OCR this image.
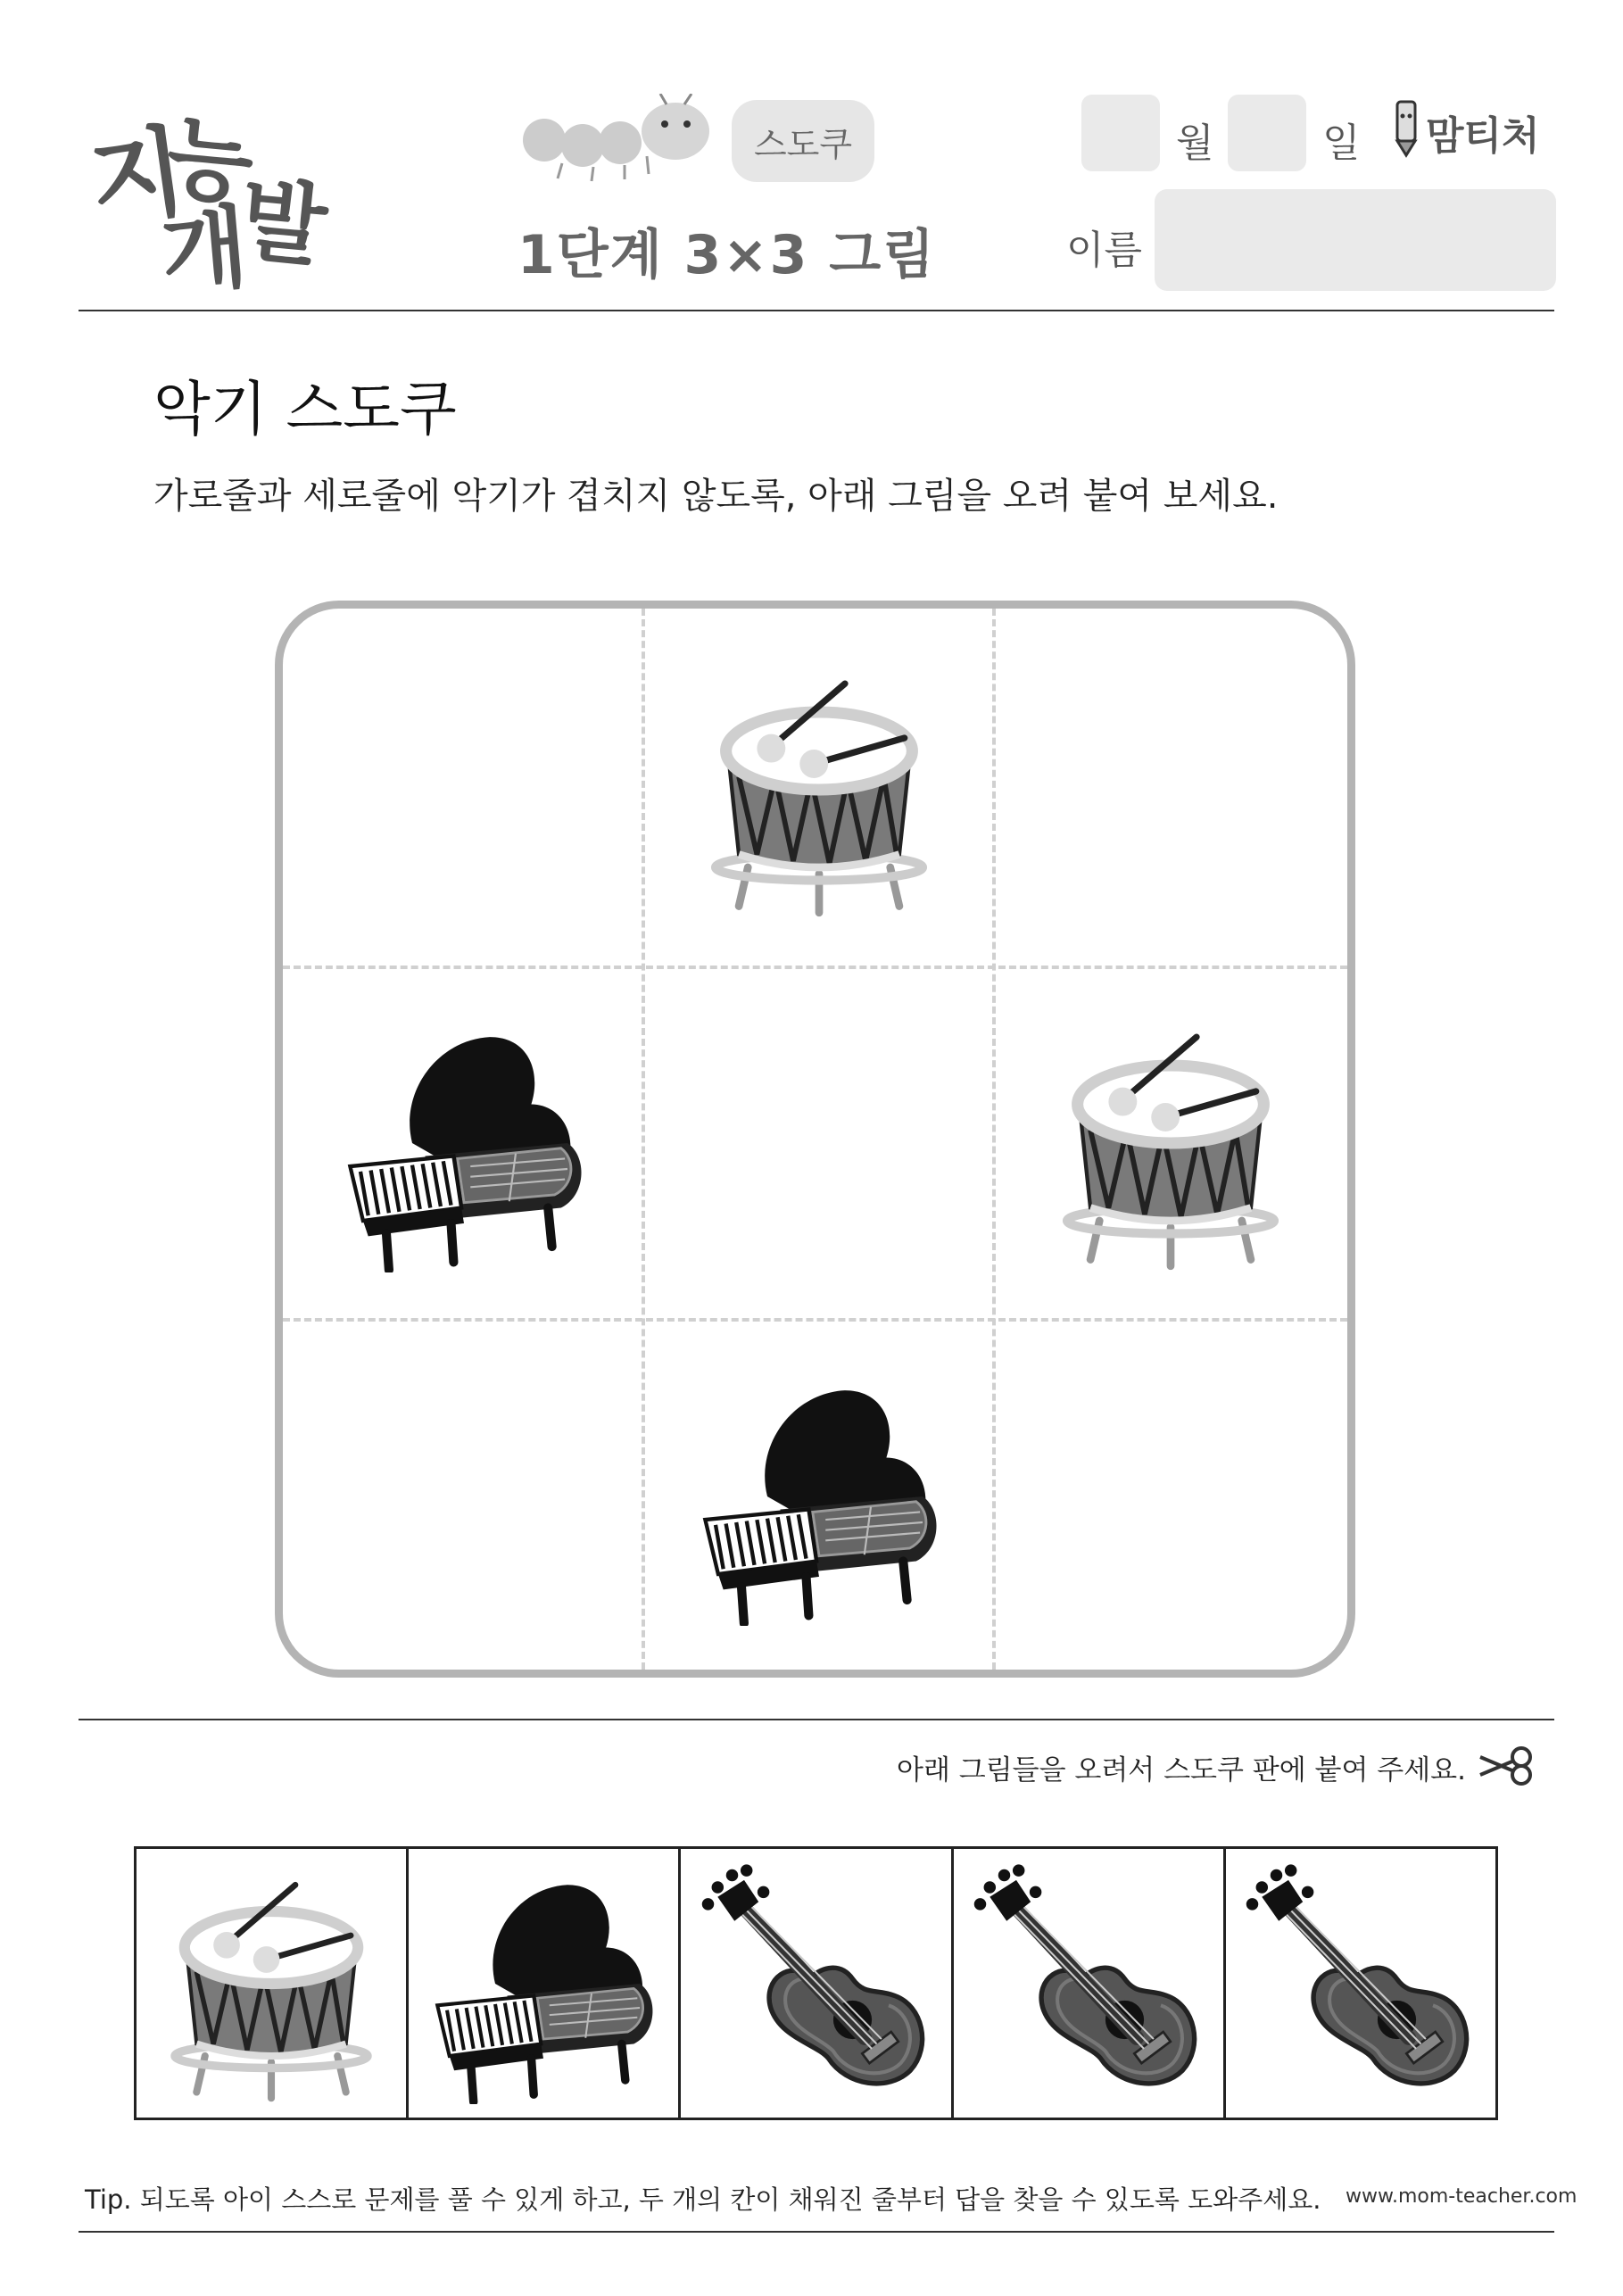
지
능
개
발
스도쿠
1단계 3×3 그림
월	일 맘티처
이름
악기 스도쿠
가로줄과 세로줄에 악기가 겹치지 않도록, 아래 그림을 오려 붙여 보세요.
아래 그림들을 오려서 스도쿠 판에 붙여 주세요.
Tip. 되도록 아이 스스로 문제를 풀 수 있게 하고, 두 개의 칸이 채워진 줄부터 답을 찾을 수 있도록 도와주세요. www.mom-teacher.com
